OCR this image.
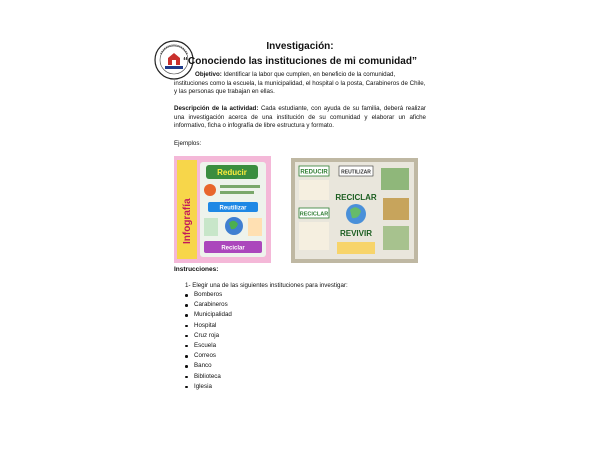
Investigación:
“Conociendo las instituciones de mi comunidad”

Objetivo: Identificar la labor que cumplen, en beneficio de la comunidad, instituciones como la escuela, la municipalidad, el hospital o la posta, Carabineros de Chile, y las personas que trabajan en ellas.

Descripción de la actividad: Cada estudiante, con ayuda de su familia, deberá realizar una investigación acerca de una institución de su comunidad y elaborar un afiche informativo, ficha o infografía de libre estructura y formato.

Ejemplos:

Infografía
Reducir
Reutilizar
Reciclar
REDUCIR	REUTILIZAR
RECICLAR
RECICLAR
REVIVIR

Instrucciones:

1- Elegir una de las siguientes instituciones para investigar:

Bomberos
Carabineros
Municipalidad
Hospital
Cruz roja
Escuela
Correos
Banco
Biblioteca
Iglesia
